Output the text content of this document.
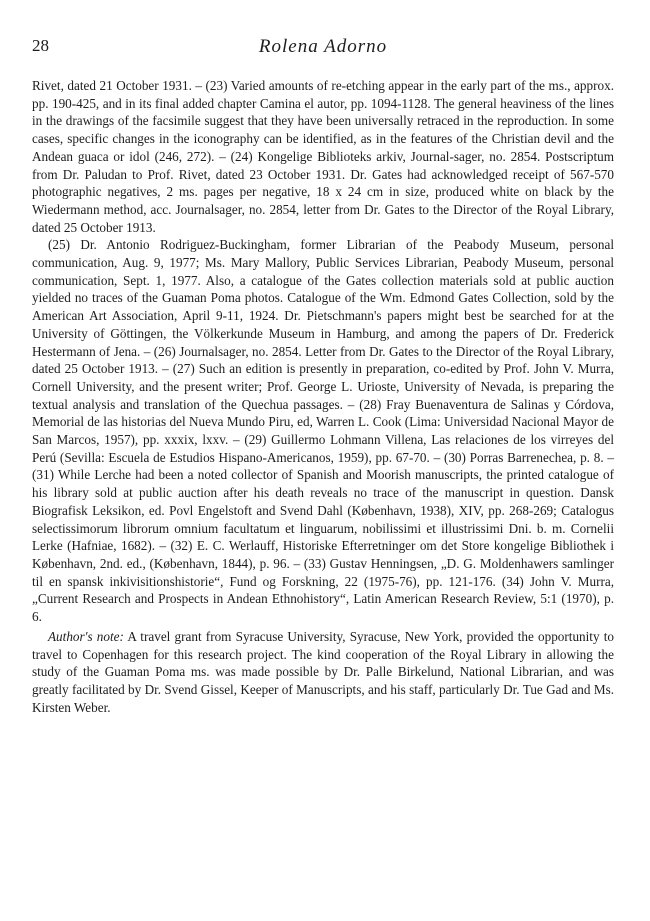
28	Rolena Adorno

Rivet, dated 21 October 1931. – (23) Varied amounts of re-etching appear in the early part of the ms., approx. pp. 190-425, and in its final added chapter Camina el autor, pp. 1094-1128. The general heaviness of the lines in the drawings of the facsimile suggest that they have been universally retraced in the reproduction. In some cases, specific changes in the iconography can be identified, as in the features of the Christian devil and the Andean guaca or idol (246, 272). – (24) Kongelige Biblioteks arkiv, Journal-sager, no. 2854. Postscriptum from Dr. Paludan to Prof. Rivet, dated 23 October 1931. Dr. Gates had acknowledged receipt of 567-570 photographic negatives, 2 ms. pages per negative, 18 x 24 cm in size, produced white on black by the Wiedermann method, acc. Journalsager, no. 2854, letter from Dr. Gates to the Director of the Royal Library, dated 25 October 1913.

(25) Dr. Antonio Rodriguez-Buckingham, former Librarian of the Peabody Museum, personal communication, Aug. 9, 1977; Ms. Mary Mallory, Public Services Librarian, Peabody Museum, personal communication, Sept. 1, 1977. Also, a catalogue of the Gates collection materials sold at public auction yielded no traces of the Guaman Poma photos. Catalogue of the Wm. Edmond Gates Collection, sold by the American Art Association, April 9-11, 1924. Dr. Pietschmann's papers might best be searched for at the University of Göttingen, the Völkerkunde Museum in Hamburg, and among the papers of Dr. Frederick Hestermann of Jena. – (26) Journalsager, no. 2854. Letter from Dr. Gates to the Director of the Royal Library, dated 25 October 1913. – (27) Such an edition is presently in preparation, co-edited by Prof. John V. Murra, Cornell University, and the present writer; Prof. George L. Urioste, University of Nevada, is preparing the textual analysis and translation of the Quechua passages. – (28) Fray Buenaventura de Salinas y Córdova, Memorial de las historias del Nueva Mundo Piru, ed, Warren L. Cook (Lima: Universidad Nacional Mayor de San Marcos, 1957), pp. xxxix, lxxv. – (29) Guillermo Lohmann Villena, Las relaciones de los virreyes del Perú (Sevilla: Escuela de Estudios Hispano-Americanos, 1959), pp. 67-70. – (30) Porras Barrenechea, p. 8. – (31) While Lerche had been a noted collector of Spanish and Moorish manuscripts, the printed catalogue of his library sold at public auction after his death reveals no trace of the manuscript in question. Dansk Biografisk Leksikon, ed. Povl Engelstoft and Svend Dahl (København, 1938), XIV, pp. 268-269; Catalogus selectissimorum librorum omnium facultatum et linguarum, nobilissimi et illustrissimi Dni. b. m. Cornelii Lerke (Hafniae, 1682). – (32) E. C. Werlauff, Historiske Efterretninger om det Store kongelige Bibliothek i København, 2nd. ed., (København, 1844), p. 96. – (33) Gustav Henningsen, „D. G. Moldenhawers samlinger til en spansk inkivisitionshistorie“, Fund og Forskning, 22 (1975-76), pp. 121-176. (34) John V. Murra, „Current Research and Prospects in Andean Ethnohistory“, Latin American Research Review, 5:1 (1970), p. 6.

Author's note: A travel grant from Syracuse University, Syracuse, New York, provided the opportunity to travel to Copenhagen for this research project. The kind cooperation of the Royal Library in allowing the study of the Guaman Poma ms. was made possible by Dr. Palle Birkelund, National Librarian, and was greatly facilitated by Dr. Svend Gissel, Keeper of Manuscripts, and his staff, particularly Dr. Tue Gad and Ms. Kirsten Weber.
